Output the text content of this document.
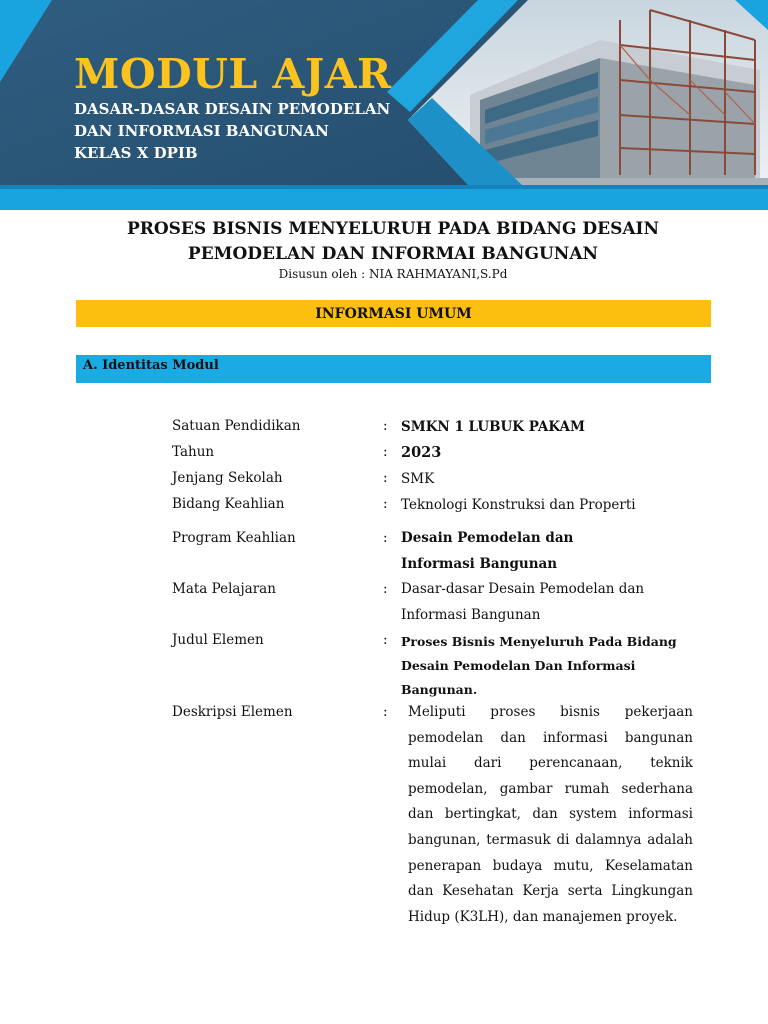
MODUL AJAR

DASAR-DASAR DESAIN PEMODELAN

DAN INFORMASI BANGUNAN

KELAS X DPIB

PROSES BISNIS MENYELURUH PADA BIDANG DESAIN
PEMODELAN DAN INFORMAI BANGUNAN

Disusun oleh : NIA RAHMAYANI,S.Pd

INFORMASI UMUM
A. Identitas Modul
Satuan Pendidikan	: SMKN 1 LUBUK PAKAM
Tahun	: 2023
Jenjang Sekolah	: SMK
Bidang Keahlian	: Teknologi Konstruksi dan Properti
Program Keahlian	: Desain Pemodelan dan
Informasi Bangunan
Mata Pelajaran	: Dasar-dasar Desain Pemodelan dan
Informasi Bangunan
Judul Elemen	: Proses Bisnis Menyeluruh Pada Bidang
Desain Pemodelan Dan Informasi Bangunan.
Deskripsi Elemen	: Meliputi proses bisnis pekerjaan pemodelan dan informasi bangunan mulai dari perencanaan, teknik pemodelan, gambar rumah sederhana dan bertingkat, dan system informasi bangunan, termasuk di dalamnya adalah penerapan budaya mutu, Keselamatan dan Kesehatan Kerja serta Lingkungan Hidup (K3LH), dan manajemen proyek.
